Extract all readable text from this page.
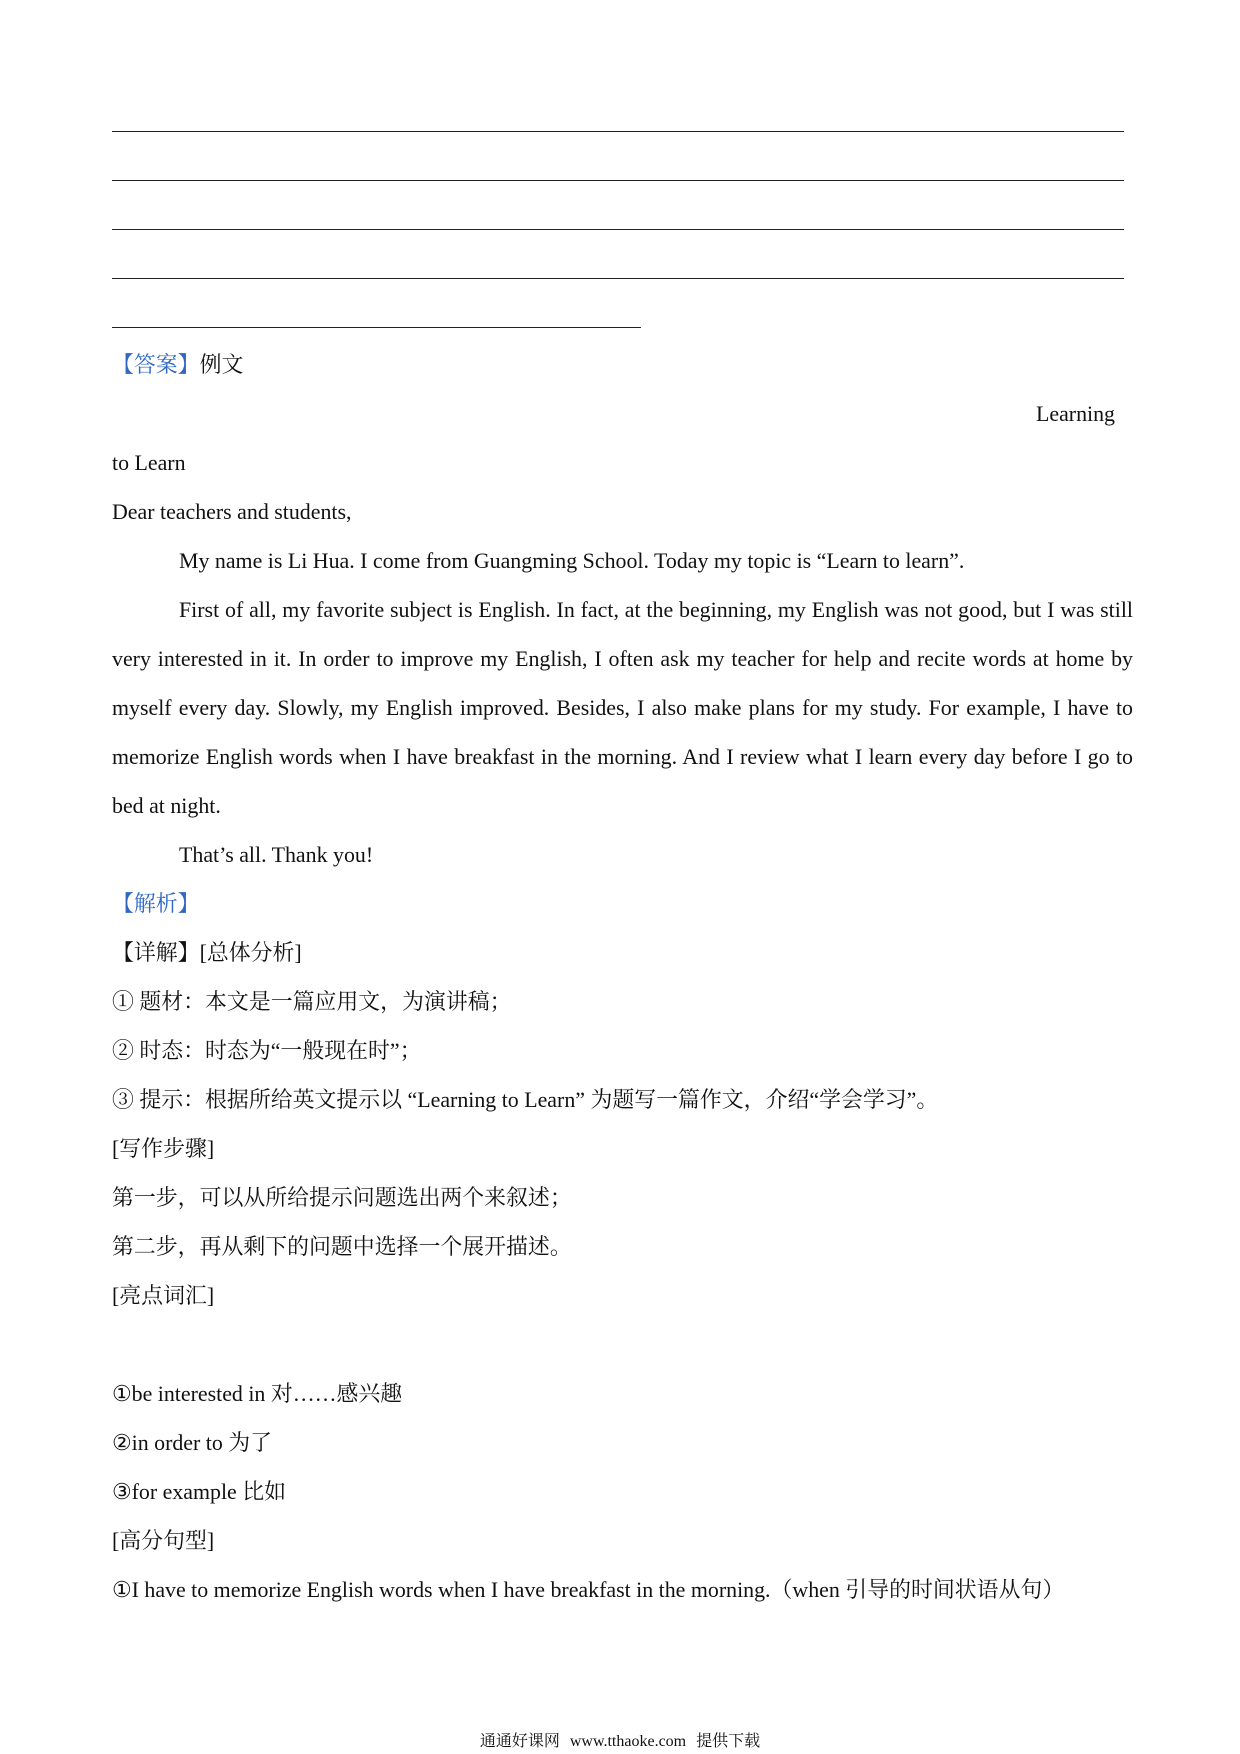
【答案】例文
Learning
to Learn
Dear teachers and students,
My name is Li Hua. I come from Guangming School. Today my topic is “Learn to learn”.
First of all, my favorite subject is English. In fact, at the beginning, my English was not good, but I was still
very interested in it. In order to improve my English, I often ask my teacher for help and recite words at home by
myself every day. Slowly, my English improved. Besides, I also make plans for my study. For example, I have to
memorize English words when I have breakfast in the morning. And I review what I learn every day before I go to
bed at night.
That’s all. Thank you!
【解析】
【详解】[总体分析]
① 题材：本文是一篇应用文，为演讲稿；
② 时态：时态为“一般现在时”；
③ 提示：根据所给英文提示以 “Learning to Learn” 为题写一篇作文，介绍“学会学习”。
[写作步骤]
第一步，可以从所给提示问题选出两个来叙述；
第二步，再从剩下的问题中选择一个展开描述。
[亮点词汇]
①be interested in 对……感兴趣
②in order to 为了
③for example 比如
[高分句型]
①I have to memorize English words when I have breakfast in the morning.（when 引导的时间状语从句）
通通好课网 www.tthaoke.com 提供下载
